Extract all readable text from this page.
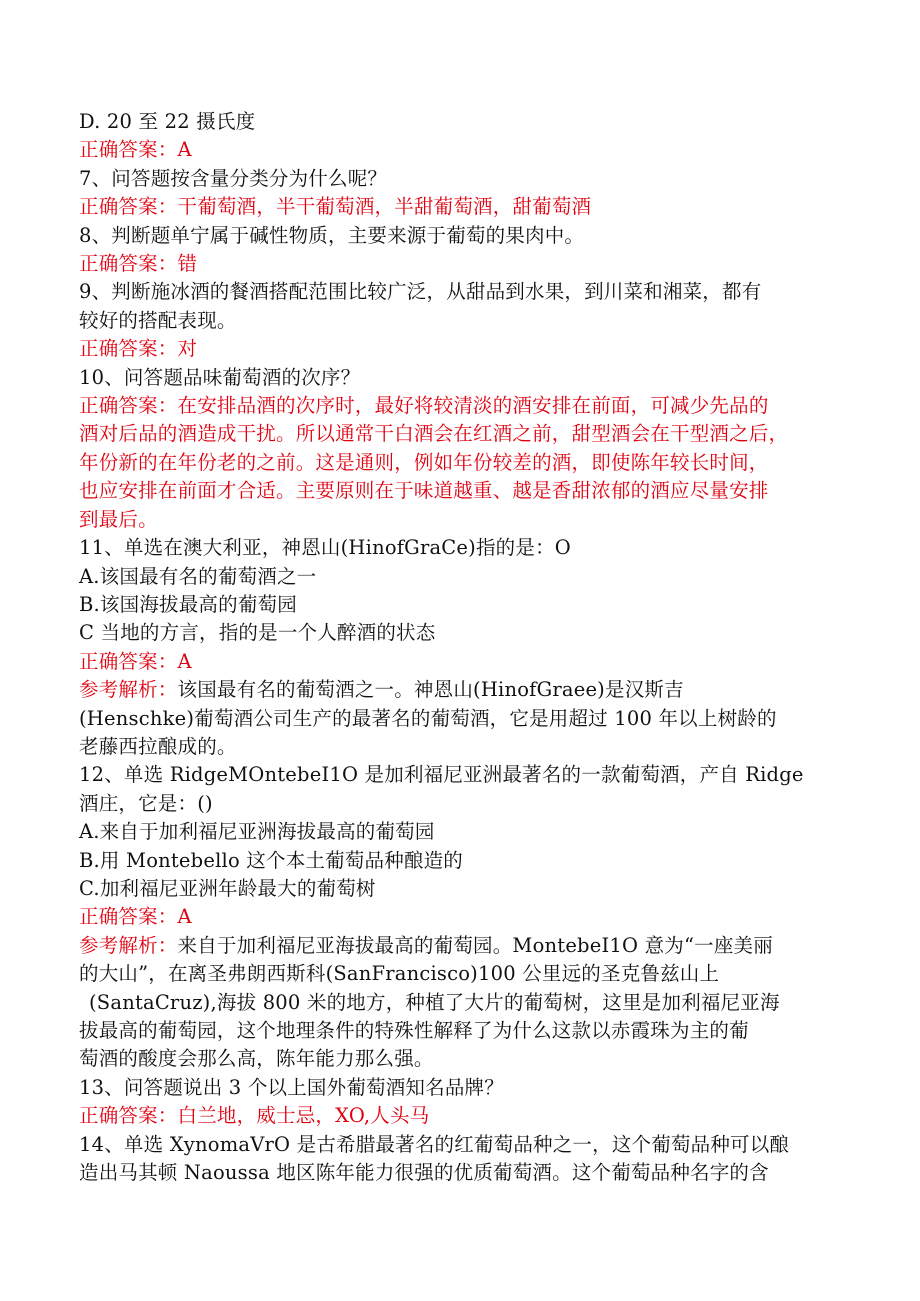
D. 20 至 22 摄氏度
正确答案：A
7、问答题按含量分类分为什么呢？
正确答案：干葡萄酒，半干葡萄酒，半甜葡萄酒，甜葡萄酒
8、判断题单宁属于碱性物质，主要来源于葡萄的果肉中。
正确答案：错
9、判断施冰酒的餐酒搭配范围比较广泛，从甜品到水果，到川菜和湘菜，都有
较好的搭配表现。
正确答案：对
10、问答题品味葡萄酒的次序？
正确答案：在安排品酒的次序时，最好将较清淡的酒安排在前面，可减少先品的
酒对后品的酒造成干扰。所以通常干白酒会在红酒之前，甜型酒会在干型酒之后，
年份新的在年份老的之前。这是通则，例如年份较差的酒，即使陈年较长时间，
也应安排在前面才合适。主要原则在于味道越重、越是香甜浓郁的酒应尽量安排
到最后。
11、单选在澳大利亚，神恩山(HinofGraCe)指的是：O
A.该国最有名的葡萄酒之一
B.该国海拔最高的葡萄园
C 当地的方言，指的是一个人醉酒的状态
正确答案：A
参考解析：该国最有名的葡萄酒之一。神恩山(HinofGraee)是汉斯吉
(Henschke)葡萄酒公司生产的最著名的葡萄酒，它是用超过 100 年以上树龄的
老藤西拉酿成的。
12、单选 RidgeMOntebeI1O 是加利福尼亚洲最著名的一款葡萄酒，产自 Ridge
酒庄，它是：()
A.来自于加利福尼亚洲海拔最高的葡萄园
B.用 Montebello 这个本土葡萄品种酿造的
C.加利福尼亚洲年龄最大的葡萄树
正确答案：A
参考解析：来自于加利福尼亚海拔最高的葡萄园。MontebeI1O 意为“一座美丽
的大山”，在离圣弗朗西斯科(SanFrancisco)100 公里远的圣克鲁兹山上
(SantaCruz),海拔 800 米的地方，种植了大片的葡萄树，这里是加利福尼亚海
拔最高的葡萄园，这个地理条件的特殊性解释了为什么这款以赤霞珠为主的葡
萄酒的酸度会那么高，陈年能力那么强。
13、问答题说出 3 个以上国外葡萄酒知名品牌？
正确答案：白兰地，威士忌，XO,人头马
14、单选 XynomaVrO 是古希腊最著名的红葡萄品种之一，这个葡萄品种可以酿
造出马其顿 Naoussa 地区陈年能力很强的优质葡萄酒。这个葡萄品种名字的含
